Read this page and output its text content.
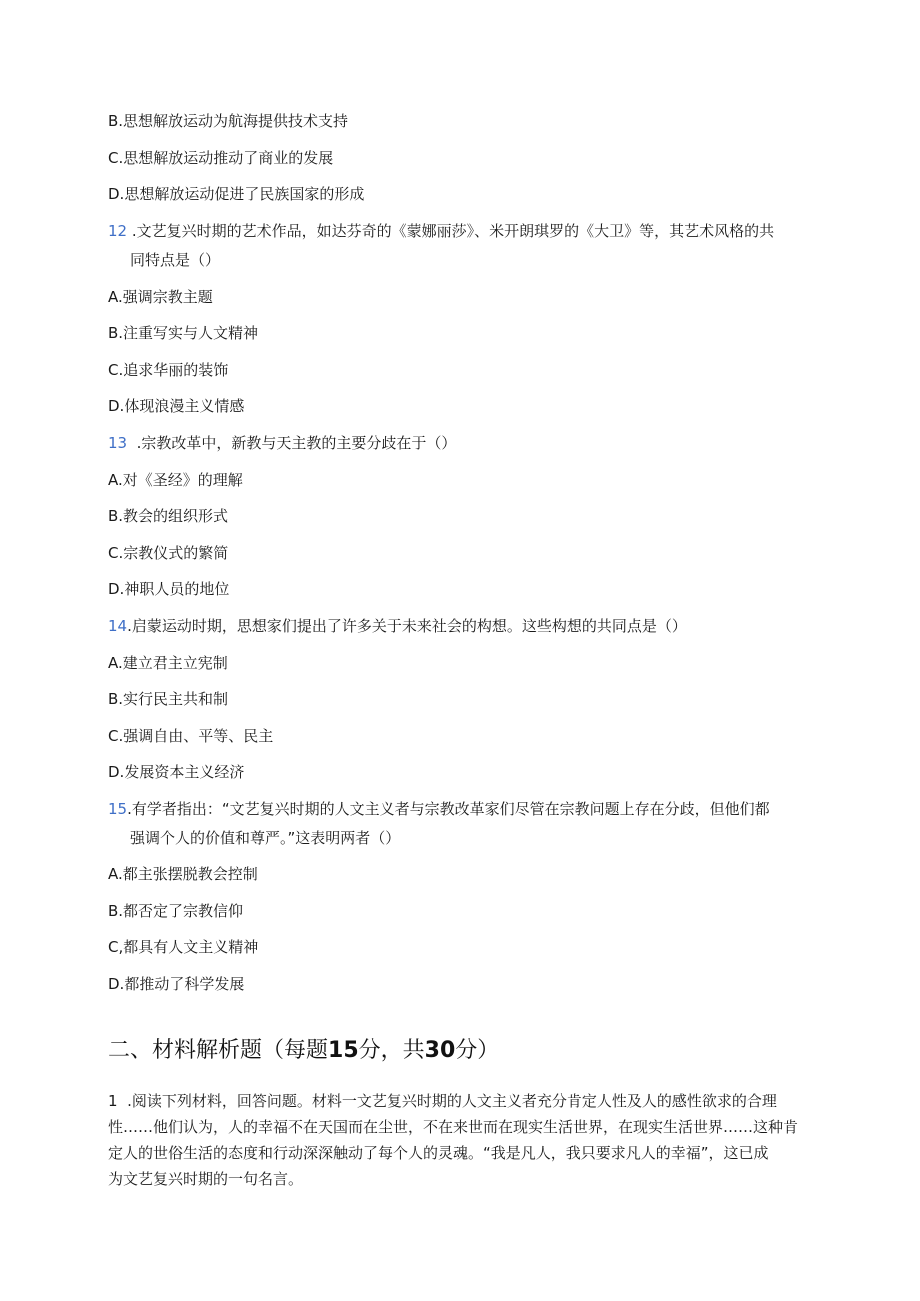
B.思想解放运动为航海提供技术支持
C.思想解放运动推动了商业的发展
D.思想解放运动促进了民族国家的形成
12 .文艺复兴时期的艺术作品，如达芬奇的《蒙娜丽莎》、米开朗琪罗的《大卫》等，其艺术风格的共
同特点是（）
A.强调宗教主题
B.注重写实与人文精神
C.追求华丽的装饰
D.体现浪漫主义情感
13  .宗教改革中，新教与天主教的主要分歧在于（）
A.对《圣经》的理解
B.教会的组织形式
C.宗教仪式的繁简
D.神职人员的地位
14.启蒙运动时期，思想家们提出了许多关于未来社会的构想。这些构想的共同点是（）
A.建立君主立宪制
B.实行民主共和制
C.强调自由、平等、民主
D.发展资本主义经济
15.有学者指出：“文艺复兴时期的人文主义者与宗教改革家们尽管在宗教问题上存在分歧，但他们都
强调个人的价值和尊严。”这表明两者（）
A.都主张摆脱教会控制
B.都否定了宗教信仰
C,都具有人文主义精神
D.都推动了科学发展
二、材料解析题（每题15分，共30分）
1  .阅读下列材料，回答问题。材料一文艺复兴时期的人文主义者充分肯定人性及人的感性欲求的合理
性……他们认为，人的幸福不在天国而在尘世，不在来世而在现实生活世界，在现实生活世界……这种肯
定人的世俗生活的态度和行动深深触动了每个人的灵魂。“我是凡人，我只要求凡人的幸福”，这已成
为文艺复兴时期的一句名言。
